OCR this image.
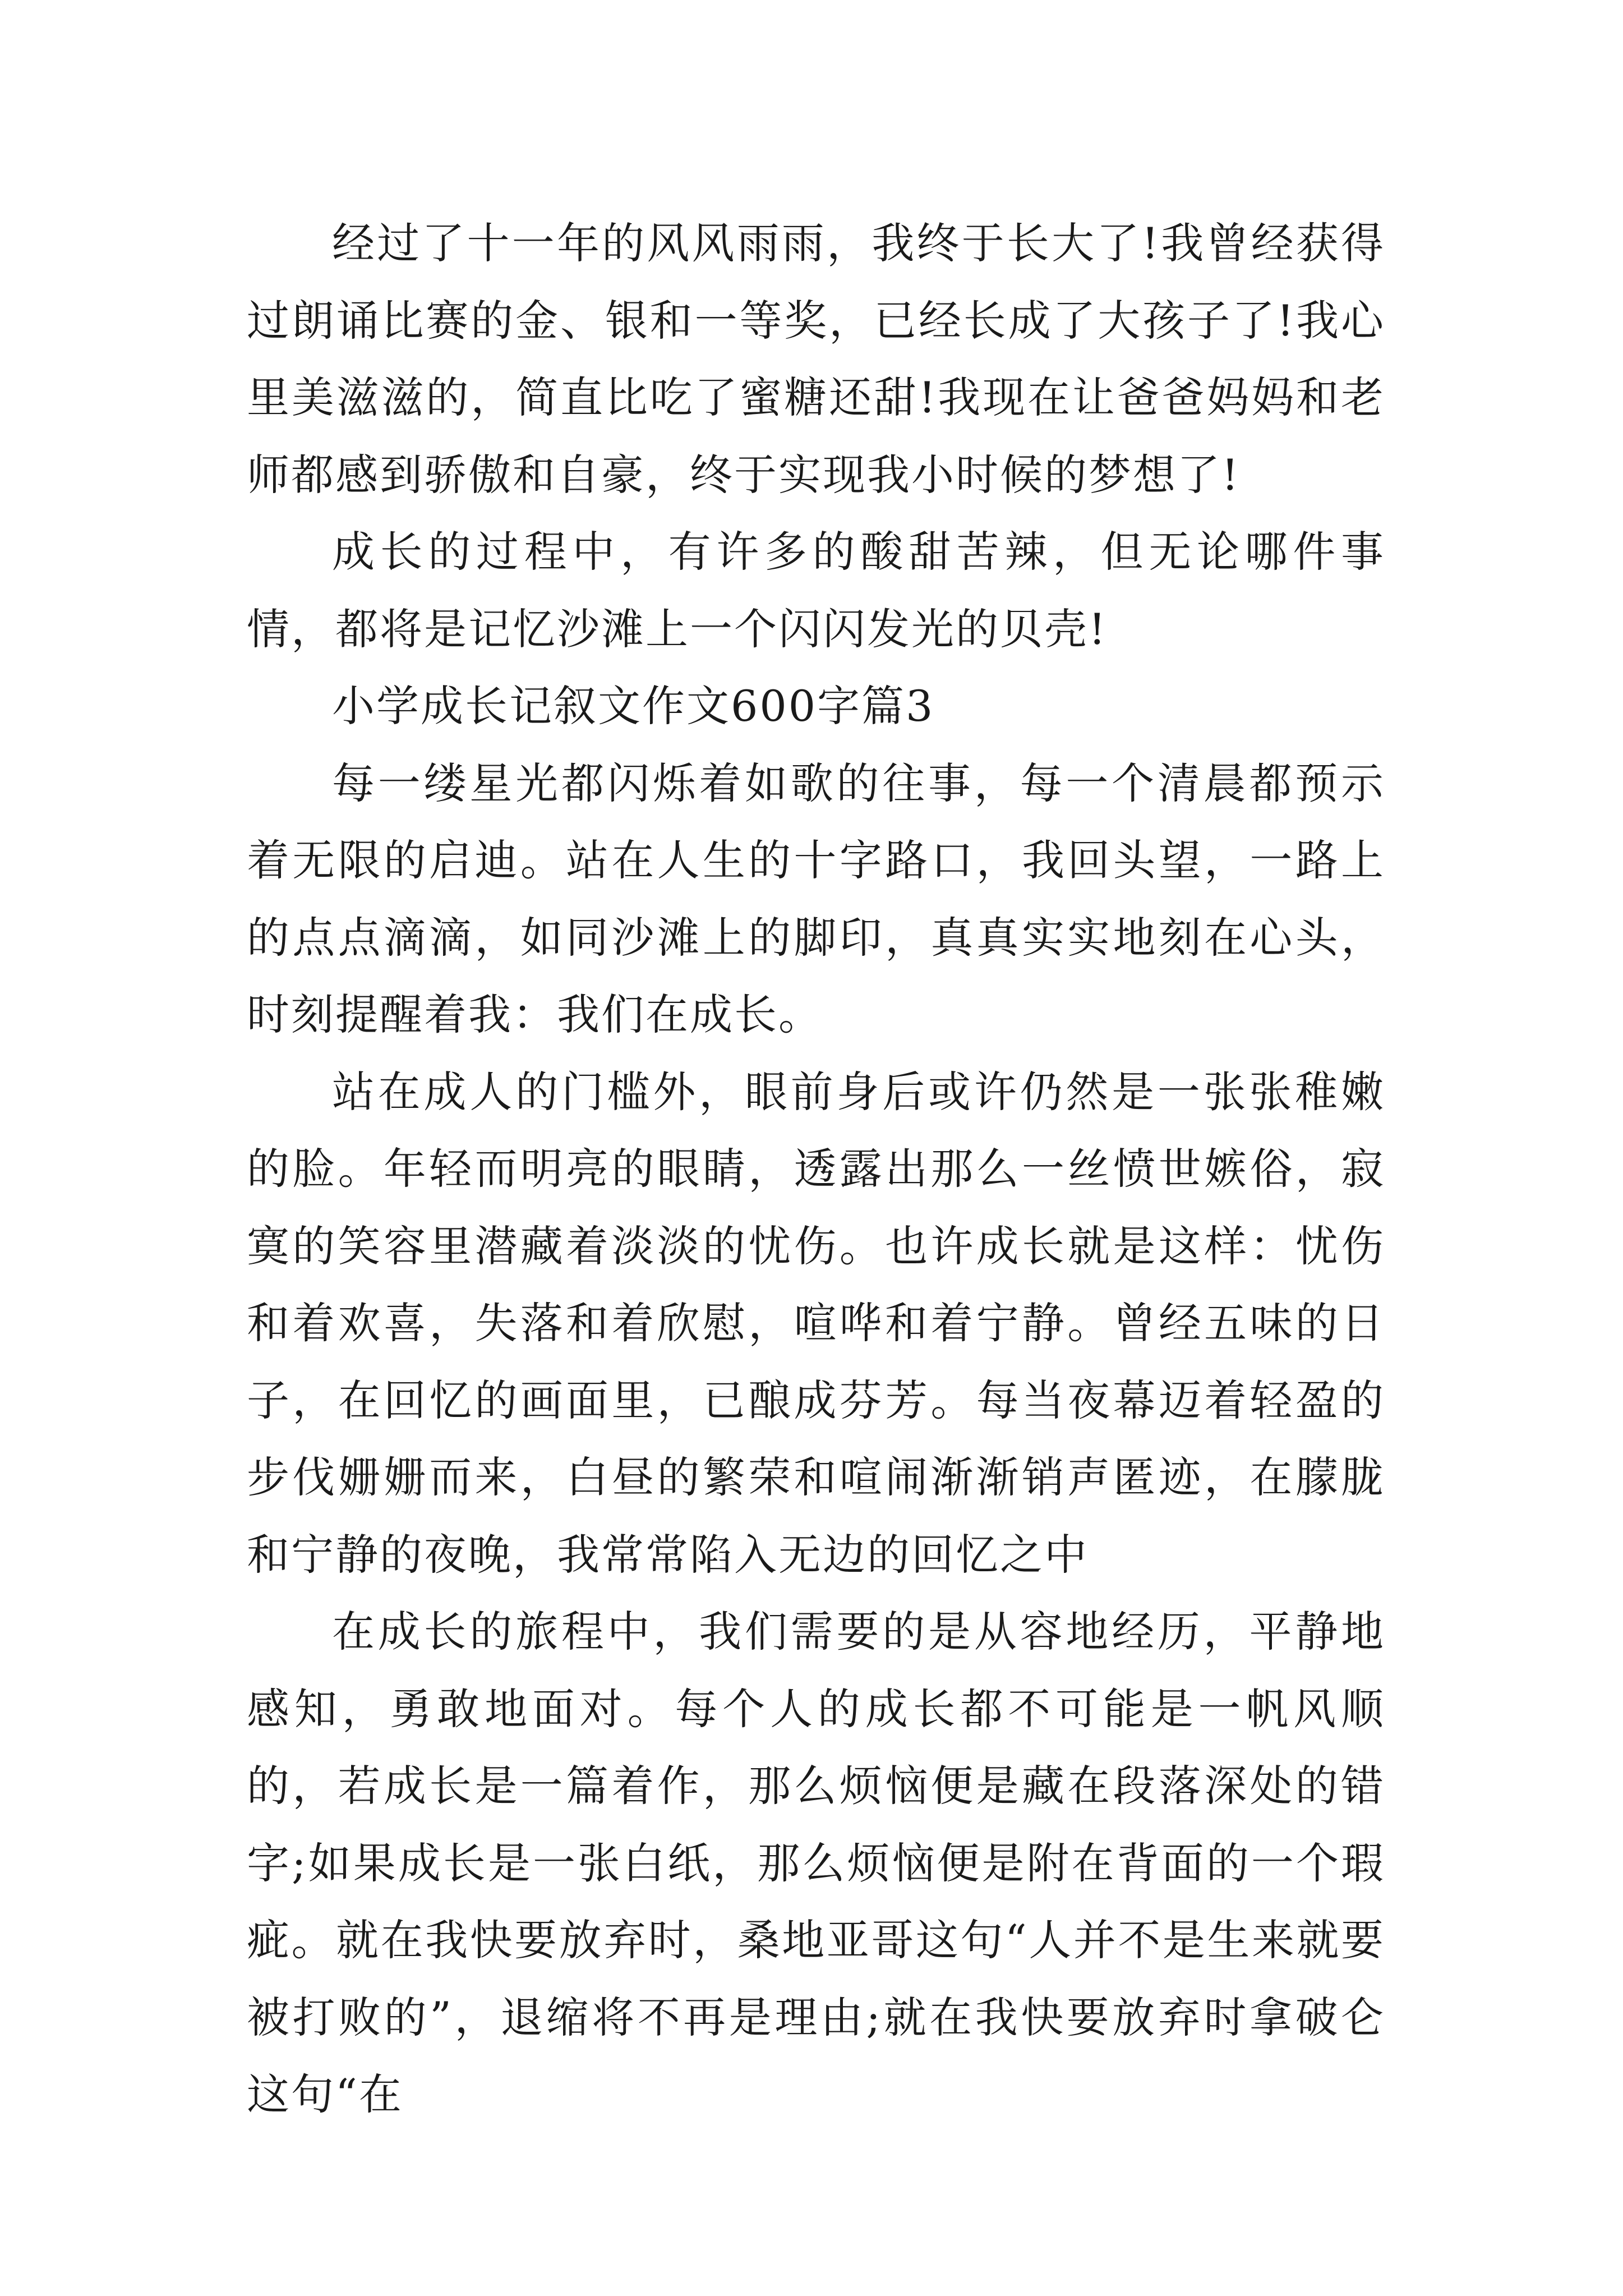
经过了十一年的风风雨雨，我终于长大了!我曾经获得过朗诵比赛的金、银和一等奖，已经长成了大孩子了!我心里美滋滋的，简直比吃了蜜糖还甜!我现在让爸爸妈妈和老师都感到骄傲和自豪，终于实现我小时候的梦想了!

成长的过程中，有许多的酸甜苦辣，但无论哪件事情，都将是记忆沙滩上一个闪闪发光的贝壳!

小学成长记叙文作文600字篇3

每一缕星光都闪烁着如歌的往事，每一个清晨都预示着无限的启迪。站在人生的十字路口，我回头望，一路上的点点滴滴，如同沙滩上的脚印，真真实实地刻在心头，时刻提醒着我：我们在成长。

站在成人的门槛外，眼前身后或许仍然是一张张稚嫩的脸。年轻而明亮的眼睛，透露出那么一丝愤世嫉俗，寂寞的笑容里潜藏着淡淡的忧伤。也许成长就是这样：忧伤和着欢喜，失落和着欣慰，喧哗和着宁静。曾经五味的日子，在回忆的画面里，已酿成芬芳。每当夜幕迈着轻盈的步伐姗姗而来，白昼的繁荣和喧闹渐渐销声匿迹，在朦胧和宁静的夜晚，我常常陷入无边的回忆之中

在成长的旅程中，我们需要的是从容地经历，平静地感知，勇敢地面对。每个人的成长都不可能是一帆风顺的，若成长是一篇着作，那么烦恼便是藏在段落深处的错字;如果成长是一张白纸，那么烦恼便是附在背面的一个瑕疵。就在我快要放弃时，桑地亚哥这句“人并不是生来就要被打败的”，退缩将不再是理由;就在我快要放弃时拿破仑这句“在
